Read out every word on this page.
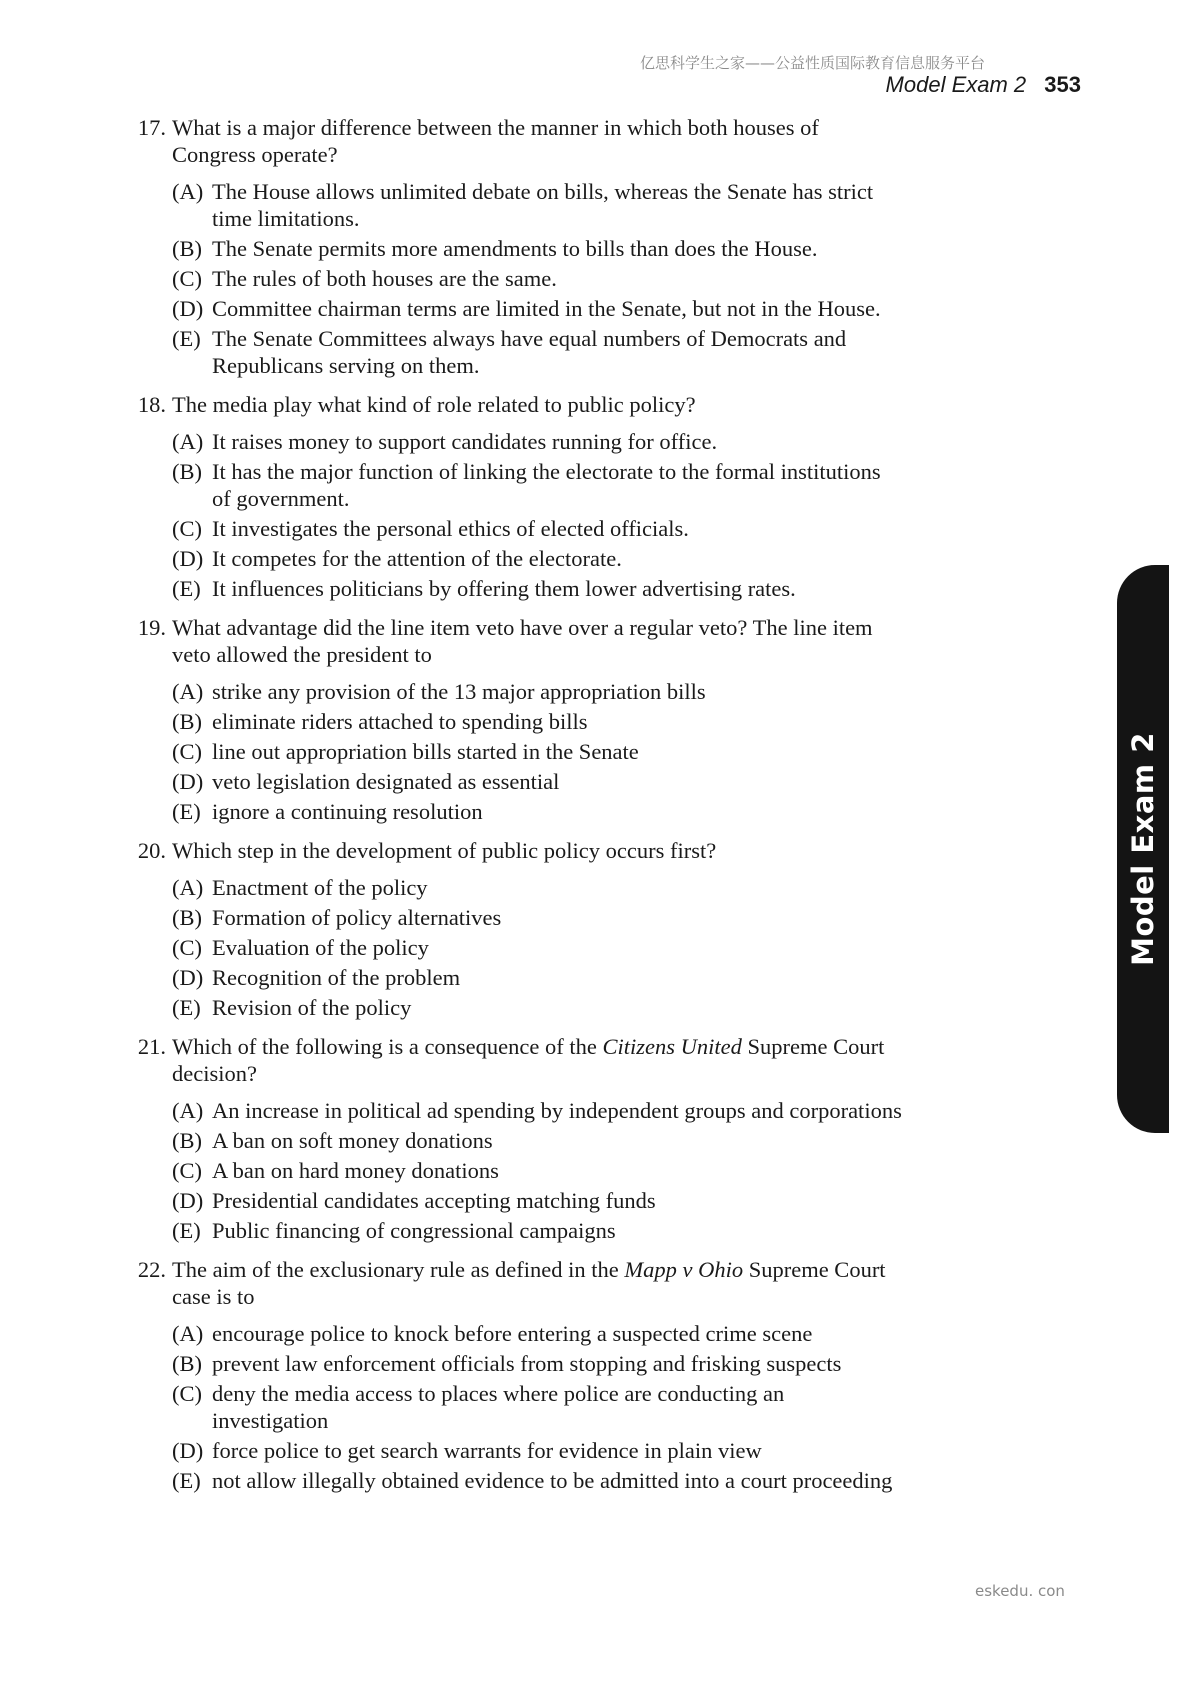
亿思科学生之家——公益性质国际教育信息服务平台
Model Exam 2 353
Model Exam 2
17. What is a major difference between the manner in which both houses of Congress operate?
(A) The House allows unlimited debate on bills, whereas the Senate has strict time limitations.
(B) The Senate permits more amendments to bills than does the House.
(C) The rules of both houses are the same.
(D) Committee chairman terms are limited in the Senate, but not in the House.
(E) The Senate Committees always have equal numbers of Democrats and Republicans serving on them.
18. The media play what kind of role related to public policy?
(A) It raises money to support candidates running for office.
(B) It has the major function of linking the electorate to the formal institutions of government.
(C) It investigates the personal ethics of elected officials.
(D) It competes for the attention of the electorate.
(E) It influences politicians by offering them lower advertising rates.
19. What advantage did the line item veto have over a regular veto? The line item veto allowed the president to
(A) strike any provision of the 13 major appropriation bills
(B) eliminate riders attached to spending bills
(C) line out appropriation bills started in the Senate
(D) veto legislation designated as essential
(E) ignore a continuing resolution
20. Which step in the development of public policy occurs first?
(A) Enactment of the policy
(B) Formation of policy alternatives
(C) Evaluation of the policy
(D) Recognition of the problem
(E) Revision of the policy
21. Which of the following is a consequence of the Citizens United Supreme Court decision?
(A) An increase in political ad spending by independent groups and corporations
(B) A ban on soft money donations
(C) A ban on hard money donations
(D) Presidential candidates accepting matching funds
(E) Public financing of congressional campaigns
22. The aim of the exclusionary rule as defined in the Mapp v Ohio Supreme Court case is to
(A) encourage police to knock before entering a suspected crime scene
(B) prevent law enforcement officials from stopping and frisking suspects
(C) deny the media access to places where police are conducting an investigation
(D) force police to get search warrants for evidence in plain view
(E) not allow illegally obtained evidence to be admitted into a court proceeding
eskedu. con
